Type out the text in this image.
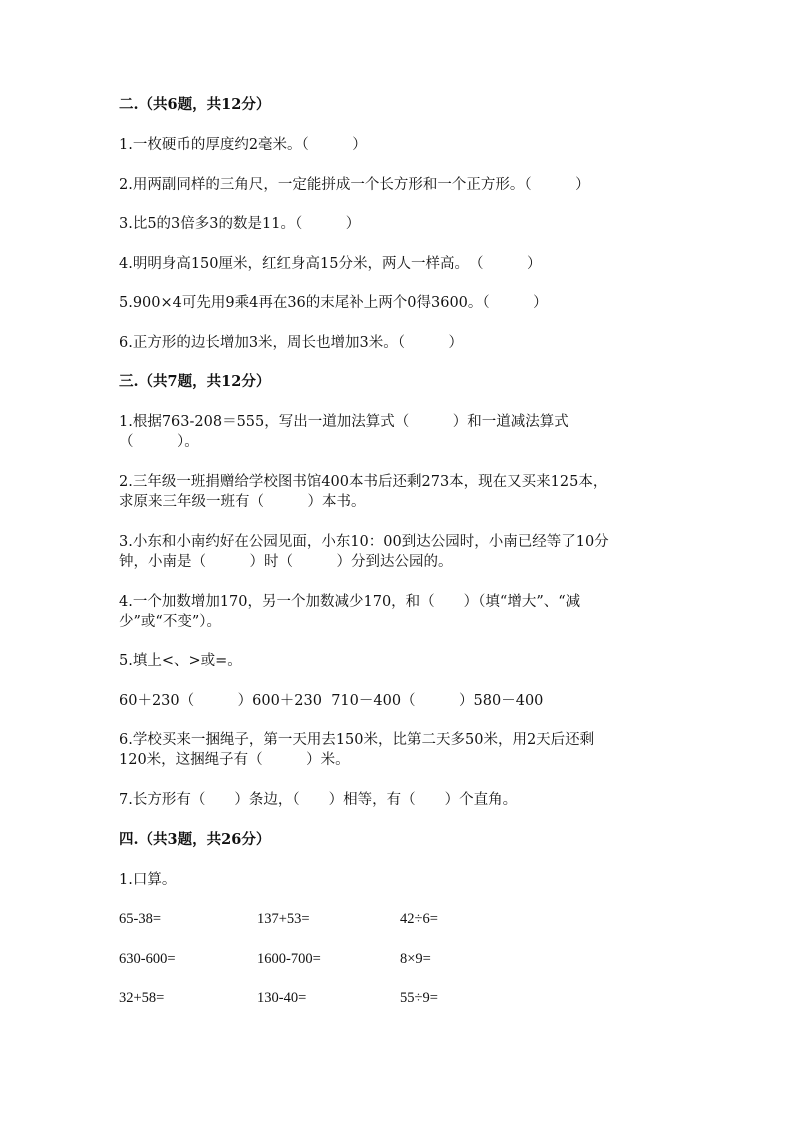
二.（共6题，共12分）
1.一枚硬币的厚度约2毫米。（　　　）
2.用两副同样的三角尺，一定能拼成一个长方形和一个正方形。（　　　）
3.比5的3倍多3的数是11。（　　　）
4.明明身高150厘米，红红身高15分米，两人一样高。　（　　　）
5.900×4可先用9乘4再在36的末尾补上两个0得3600。（　　　）
6.正方形的边长增加3米，周长也增加3米。（　　　）
三.（共7题，共12分）
1.根据763-208＝555，写出一道加法算式（　　　）和一道减法算式
（　　　）。
2.三年级一班捐赠给学校图书馆400本书后还剩273本，现在又买来125本，
求原来三年级一班有（　　　）本书。
3.小东和小南约好在公园见面，小东10：00到达公园时，小南已经等了10分
钟，小南是（　　　）时（　　　）分到达公园的。
4.一个加数增加170，另一个加数减少170，和（　　）（填“增大”、“减
少”或“不变”）。
5.填上<、>或=。
60＋230（　　　）600＋230  710－400（　　　）580－400
6.学校买来一捆绳子，第一天用去150米，比第二天多50米，用2天后还剩
120米，这捆绳子有（　　　）米。
7.长方形有（　　）条边，（　　）相等，有（　　）个直角。
四.（共3题，共26分）
1.口算。
65-38=	137+53=	42÷6=
630-600=	1600-700=	8×9=
32+58=	130-40=	55÷9=
